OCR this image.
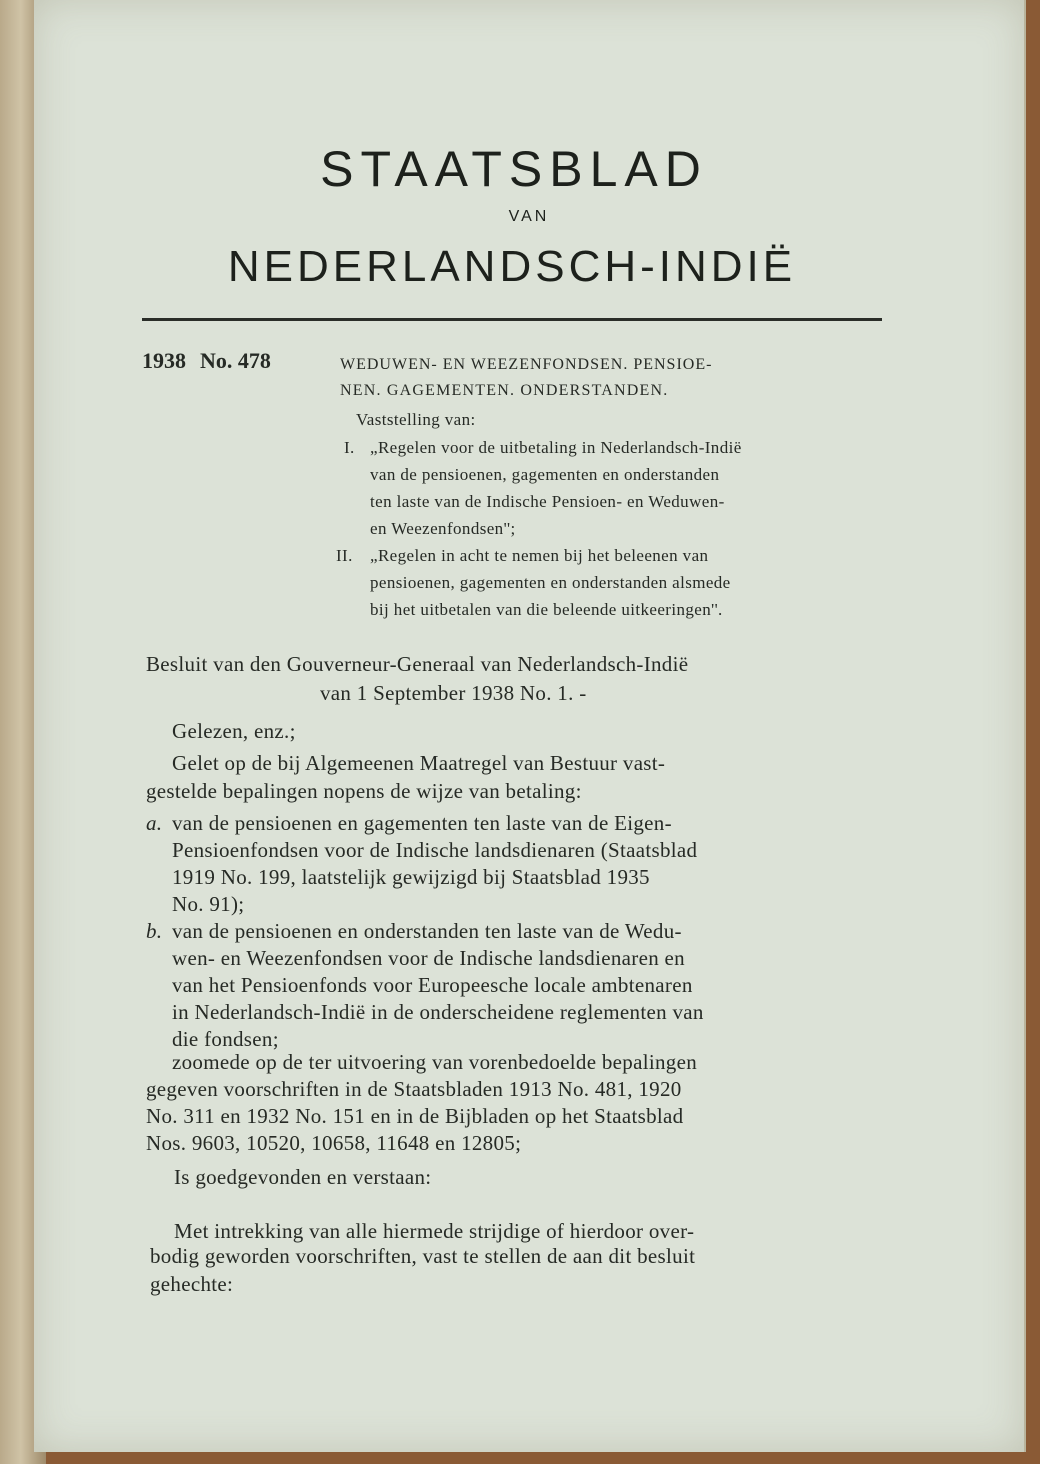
STAATSBLAD
VAN
NEDERLANDSCH-INDIË
1938 No. 478	WEDUWEN- EN WEEZENFONDSEN. PENSIOE-
NEN. GAGEMENTEN. ONDERSTANDEN.
Vaststelling van:
I. „Regelen voor de uitbetaling in Nederlandsch-Indië
van de pensioenen, gagementen en onderstanden
ten laste van de Indische Pensioen- en Weduwen-
en Weezenfondsen'';
II. „Regelen in acht te nemen bij het beleenen van
pensioenen, gagementen en onderstanden alsmede
bij het uitbetalen van die beleende uitkeeringen''.
Besluit van den Gouverneur-Generaal van Nederlandsch-Indië
van 1 September 1938 No. 1. -
Gelezen, enz.;
Gelet op de bij Algemeenen Maatregel van Bestuur vast-
gestelde bepalingen nopens de wijze van betaling:
a. van de pensioenen en gagementen ten laste van de Eigen-
Pensioenfondsen voor de Indische landsdienaren (Staatsblad
1919 No. 199, laatstelijk gewijzigd bij Staatsblad 1935
No. 91);
b. van de pensioenen en onderstanden ten laste van de Wedu-
wen- en Weezenfondsen voor de Indische landsdienaren en
van het Pensioenfonds voor Europeesche locale ambtenaren
in Nederlandsch-Indië in de onderscheidene reglementen van
die fondsen;
zoomede op de ter uitvoering van vorenbedoelde bepalingen
gegeven voorschriften in de Staatsbladen 1913 No. 481, 1920
No. 311 en 1932 No. 151 en in de Bijbladen op het Staatsblad
Nos. 9603, 10520, 10658, 11648 en 12805;
Is goedgevonden en verstaan:
Met intrekking van alle hiermede strijdige of hierdoor over-
bodig geworden voorschriften, vast te stellen de aan dit besluit
gehechte:
